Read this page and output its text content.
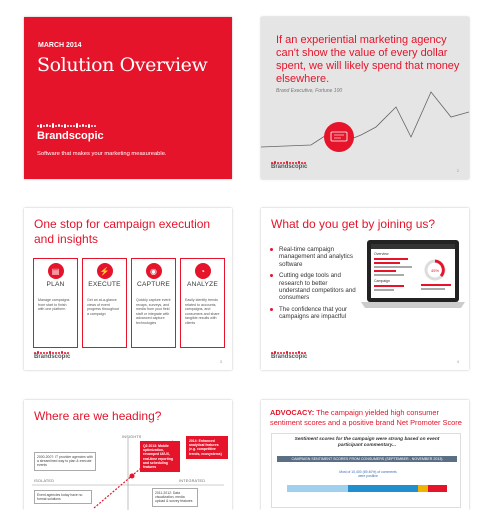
MARCH 2014
Solution Overview
Brandscopic
Software that makes your marketing measureable.
If an experiential marketing agency can't show the value of every dollar spent, we will likely spend that money elsewhere.
Brand Executive, Fortune 100
Brandscopic
2
One stop for campaign execution and insights
▤
PLAN
Manage campaigns from start to finish with one platform
⚡
EXECUTE
Get an at-a-glance views of event progress throughout a campaign
◉
CAPTURE
Quickly capture event recaps, surveys, and media from your field staff or integrate with advanced capture technologies
◔
ANALYZE
Easily identify trends related to accounts, campaigns, and consumers and share tangible results with clients
Brandscopic
3
What do you get by joining us?
Real-time campaign management and analytics software
Cutting edge tools and research to better understand competitors and consumers
The confidence that your campaigns are impactful
Overview
Campaign
45%
Brandscopic
4
Where are we heading?
INSIGHTS
ISOLATED	INTEGRATED
2000-2007: IT provider agencies with a streamlined way to plan & execute events
Q3 2013: Mobile optimization, revamped UI/UX, real-time reporting and scheduling features
2014: Enhanced analytical features (e.g. competitive trends, ecosystems)
Event agencies today have no formal solutions
2011-2012: Data visualization, media upload & survey features
ADVOCACY: The campaign yielded high consumer sentiment scores and a positive brand Net Promoter Score
Sentiment scores for the campaign were strong based on event participant commentary...
CAMPAIGN SENTIMENT SCORES FROM CONSUMERS (SEPTEMBER - NOVEMBER 2013)
Most of 10,400 (69.40%) of comments were positive
